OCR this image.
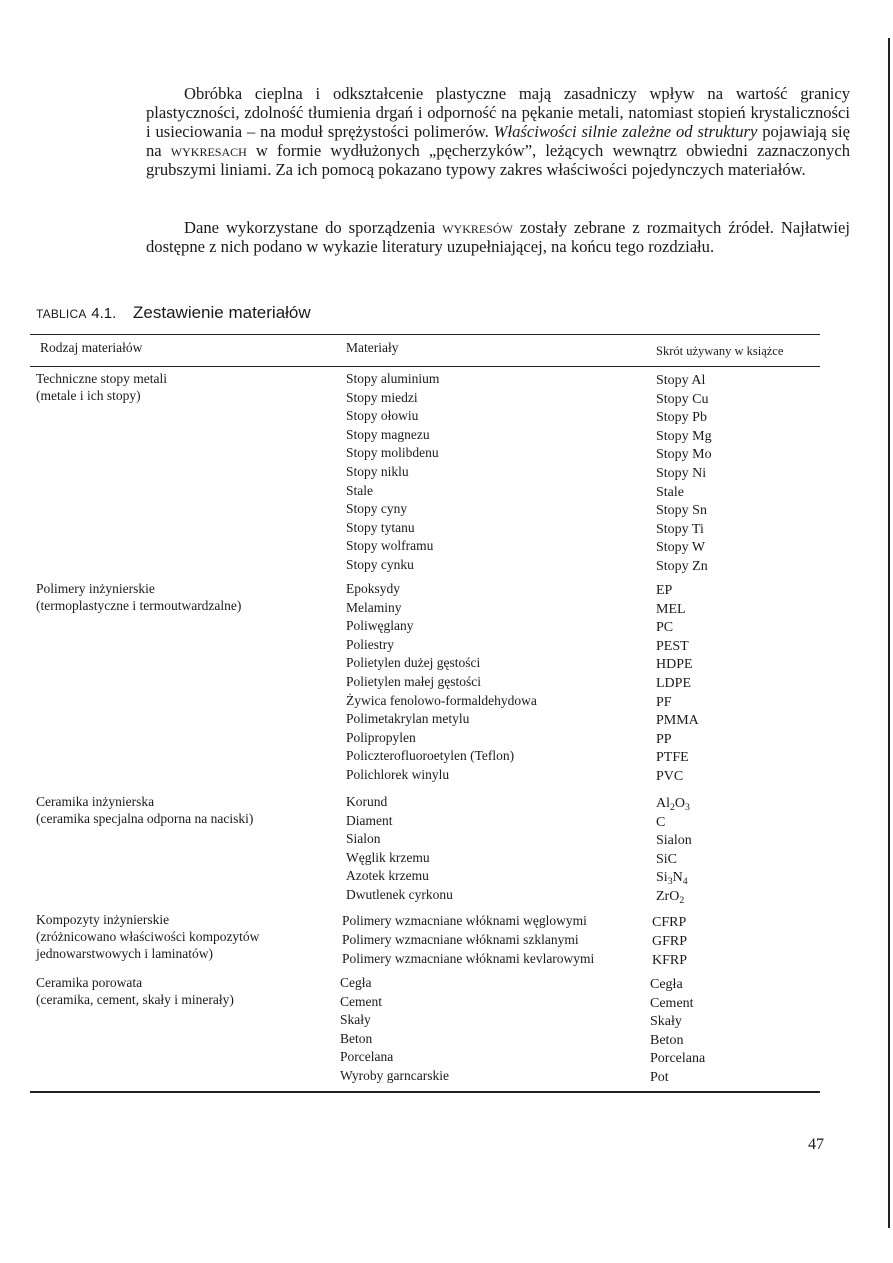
Obróbka cieplna i odkształcenie plastyczne mają zasadniczy wpływ na wartość granicy plastyczności, zdolność tłumienia drgań i odporność na pękanie metali, natomiast stopień krystaliczności i usieciowania – na moduł sprężystości polimerów. Właściwości silnie zależne od struktury pojawiają się na wykresach w formie wydłużonych „pęcherzyków”, leżących wewnątrz obwiedni zaznaczonych grubszymi liniami. Za ich pomocą pokazano typowy zakres właściwości pojedynczych materiałów.

Dane wykorzystane do sporządzenia wykresów zostały zebrane z rozmaitych źródeł. Najłatwiej dostępne z nich podano w wykazie literatury uzupełniającej, na końcu tego rozdziału.

TABLICA 4.1. Zestawienie materiałów
Rodzaj materiałów	Materiały	Skrót używany w książce
Techniczne stopy metali
(metale i ich stopy)
Stopy aluminium
Stopy miedzi
Stopy ołowiu
Stopy magnezu
Stopy molibdenu
Stopy niklu
Stale
Stopy cyny
Stopy tytanu
Stopy wolframu
Stopy cynku
Stopy Al
Stopy Cu
Stopy Pb
Stopy Mg
Stopy Mo
Stopy Ni
Stale
Stopy Sn
Stopy Ti
Stopy W
Stopy Zn
Polimery inżynierskie
(termoplastyczne i termoutwardzalne)
Epoksydy
Melaminy
Poliwęglany
Poliestry
Polietylen dużej gęstości
Polietylen małej gęstości
Żywica fenolowo-formaldehydowa
Polimetakrylan metylu
Polipropylen
Policzterofluoroetylen (Teflon)
Polichlorek winylu
EP
MEL
PC
PEST
HDPE
LDPE
PF
PMMA
PP
PTFE
PVC
Ceramika inżynierska
(ceramika specjalna odporna na naciski)
Korund
Diament
Sialon
Węglik krzemu
Azotek krzemu
Dwutlenek cyrkonu
$Al_2O_3$
C
Sialon
SiC
$Si_3N_4$
ZrO$_2$
Kompozyty inżynierskie
(zróżnicowano właściwości kompozytów
jednowarstwowych i laminatów)
Polimery wzmacniane włóknami węglowymi
Polimery wzmacniane włóknami szklanymi
Polimery wzmacniane włóknami kevlarowymi
CFRP
GFRP
KFRP
Ceramika porowata
(ceramika, cement, skały i minerały)
Cegła
Cement
Skały
Beton
Porcelana
Wyroby garncarskie
Cegła
Cement
Skały
Beton
Porcelana
Pot
47
